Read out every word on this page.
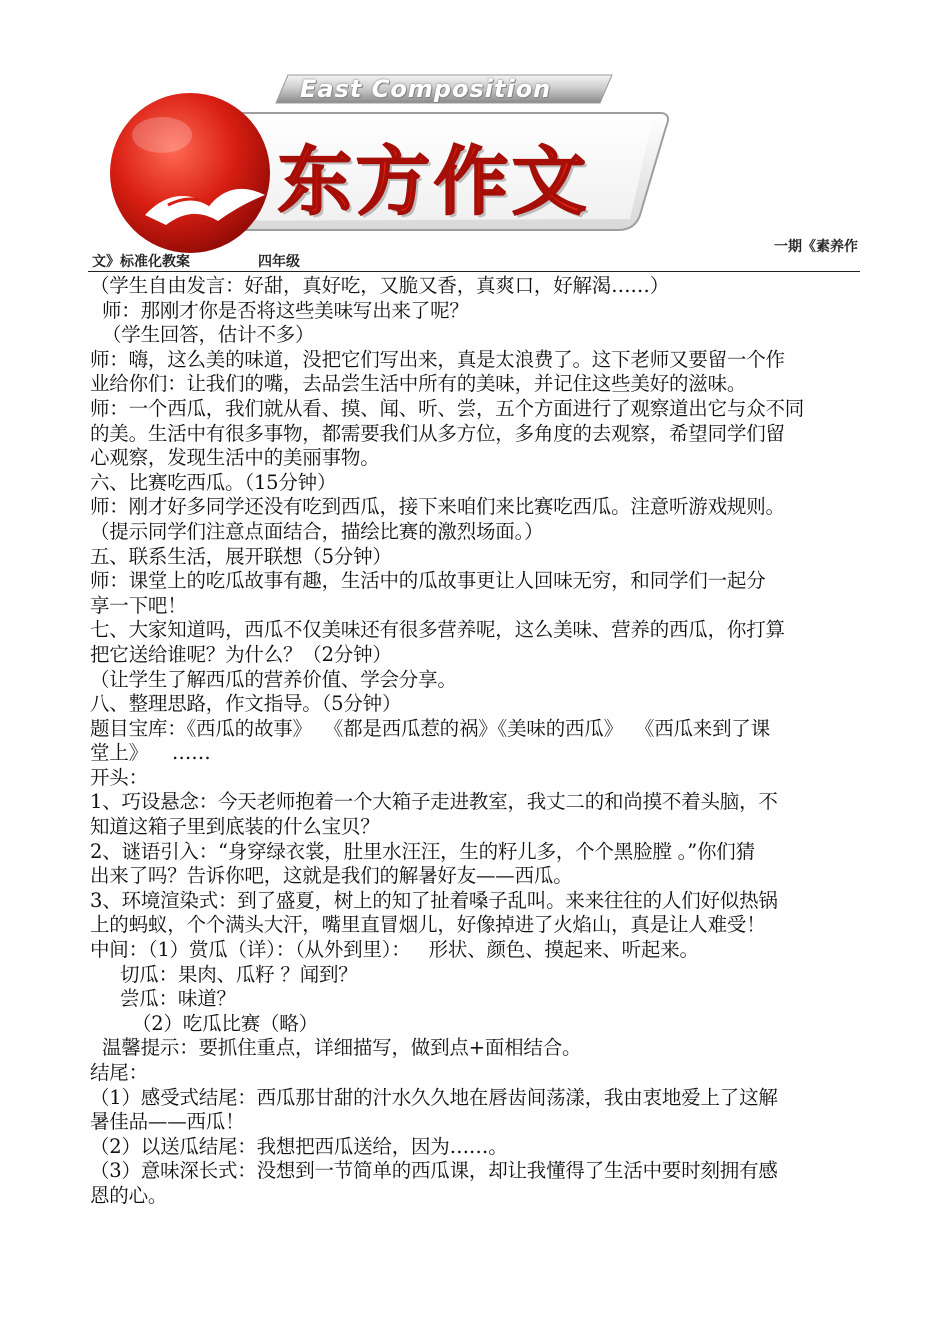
East Composition
东方作文
一期《素养作
文》标准化教案	四年级
（学生自由发言：好甜，真好吃，又脆又香，真爽口，好解渴……）
师：那刚才你是否将这些美味写出来了呢？
（学生回答，估计不多）
师：嗨，这么美的味道，没把它们写出来，真是太浪费了。这下老师又要留一个作
业给你们：让我们的嘴，去品尝生活中所有的美味，并记住这些美好的滋味。
师：一个西瓜，我们就从看、摸、闻、听、尝，五个方面进行了观察道出它与众不同
的美。生活中有很多事物，都需要我们从多方位，多角度的去观察，希望同学们留
心观察，发现生活中的美丽事物。
六、比赛吃西瓜。（15分钟）
师：刚才好多同学还没有吃到西瓜，接下来咱们来比赛吃西瓜。注意听游戏规则。
（提示同学们注意点面结合，描绘比赛的激烈场面。）
五、联系生活，展开联想（5分钟）
师：课堂上的吃瓜故事有趣，生活中的瓜故事更让人回味无穷，和同学们一起分
享一下吧！
七、大家知道吗，西瓜不仅美味还有很多营养呢，这么美味、营养的西瓜，你打算
把它送给谁呢？为什么？（2分钟）
（让学生了解西瓜的营养价值、学会分享。
八、整理思路，作文指导。（5分钟）
题目宝库：《西瓜的故事》  《都是西瓜惹的祸》《美味的西瓜》  《西瓜来到了课
堂上》    ……
开头：
1、巧设悬念：今天老师抱着一个大箱子走进教室，我丈二的和尚摸不着头脑，不
知道这箱子里到底装的什么宝贝？
2、谜语引入：“身穿绿衣裳，肚里水汪汪，生的籽儿多，个个黑脸膛 。”你们猜
出来了吗？告诉你吧，这就是我们的解暑好友——西瓜。
3、环境渲染式：到了盛夏，树上的知了扯着嗓子乱叫。来来往往的人们好似热锅
上的蚂蚁，个个满头大汗，嘴里直冒烟儿，好像掉进了火焰山，真是让人难受！
中间：（1）赏瓜（详）：（从外到里）：   形状、颜色、摸起来、听起来。
切瓜：果肉、瓜籽 ？闻到？
尝瓜：味道？
（2）吃瓜比赛（略）
温馨提示：要抓住重点，详细描写，做到点+面相结合。
结尾：
（1）感受式结尾：西瓜那甘甜的汁水久久地在唇齿间荡漾，我由衷地爱上了这解
暑佳品——西瓜！
（2）以送瓜结尾：我想把西瓜送给，因为……。
（3）意味深长式：没想到一节简单的西瓜课，却让我懂得了生活中要时刻拥有感
恩的心。
